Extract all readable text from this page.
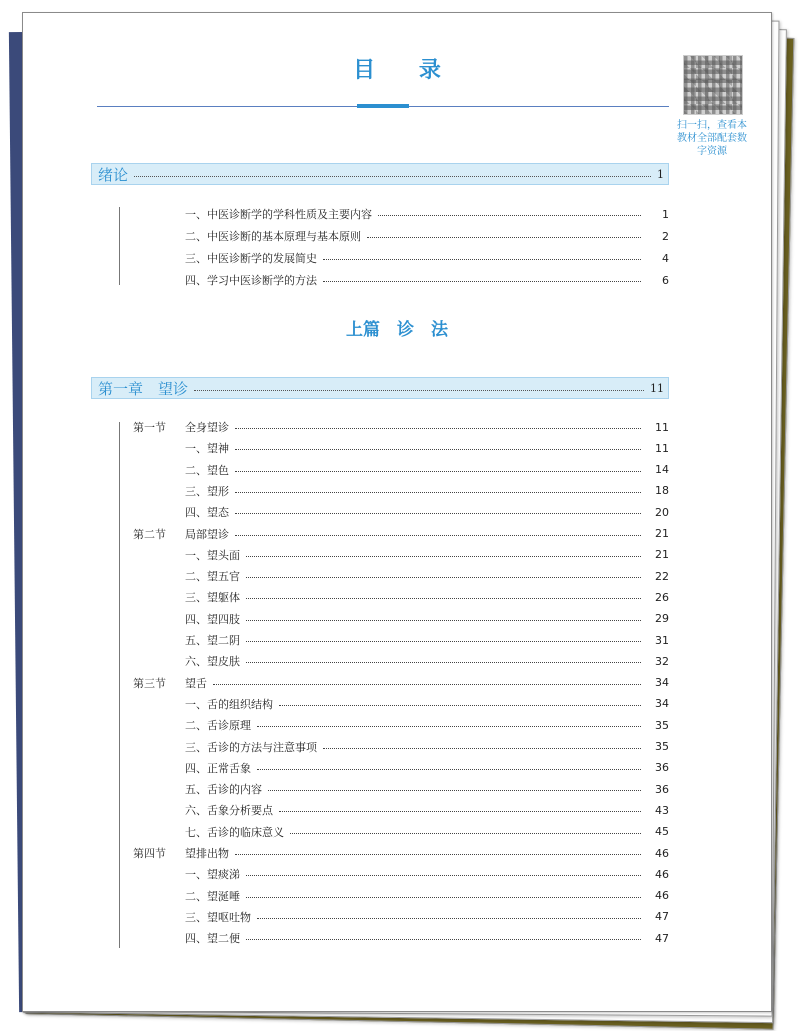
目 录
扫一扫，查看本教材全部配套数字资源
绪论	1
一、中医诊断学的学科性质及主要内容	1
二、中医诊断的基本原理与基本原则	2
三、中医诊断学的发展简史	4
四、学习中医诊断学的方法	6
上篇　诊　法
第一章　望诊	11
第一节	全身望诊	11
一、望神	11
二、望色	14
三、望形	18
四、望态	20
第二节	局部望诊	21
一、望头面	21
二、望五官	22
三、望躯体	26
四、望四肢	29
五、望二阴	31
六、望皮肤	32
第三节	望舌	34
一、舌的组织结构	34
二、舌诊原理	35
三、舌诊的方法与注意事项	35
四、正常舌象	36
五、舌诊的内容	36
六、舌象分析要点	43
七、舌诊的临床意义	45
第四节	望排出物	46
一、望痰涕	46
二、望涎唾	46
三、望呕吐物	47
四、望二便	47
